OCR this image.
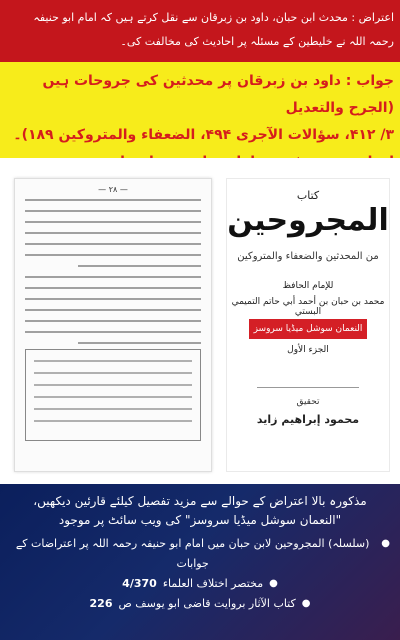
اعتراض : محدث ابن حبان، داود بن زبرقان سے نقل کرتے ہیں کہ امام ابو حنیفہ رحمہ اللہ نے خلیطین کے مسئلہ پر احادیث کی مخالفت کی۔
جواب : داود بن زبرقان پر محدثین کی جروحات ہیں (الجرح والتعدیل
۳/ ۴۱۲، سؤالات الآجری ۴۹۴، الضعفاء والمتروکین ۱۸۹)۔
— ٢٨ —	كتاب
المجروحين
من المحدثين والضعفاء والمتروكين
للإمام الحافظ
محمد بن حبان بن أحمد أبي حاتم التميمي البستي
النعمان سوشل میڈیا سروسز
الجزء الأول
تحقيق
محمود إبراهيم زايد
مذکورہ بالا اعتراض کے حوالے سے مزید تفصیل کیلئے قارئین دیکھیں،
"النعمان سوشل میڈیا سروسز" کی ویب سائٹ پر موجود
●
(سلسلہ) المجروحین لابن حبان میں امام ابو حنیفہ رحمہ اللہ پر اعتراضات کے جوابات
●
مختصر اختلاف العلماء
4/370
●
کتاب الآثار بروایت قاضی ابو یوسف ص
226
